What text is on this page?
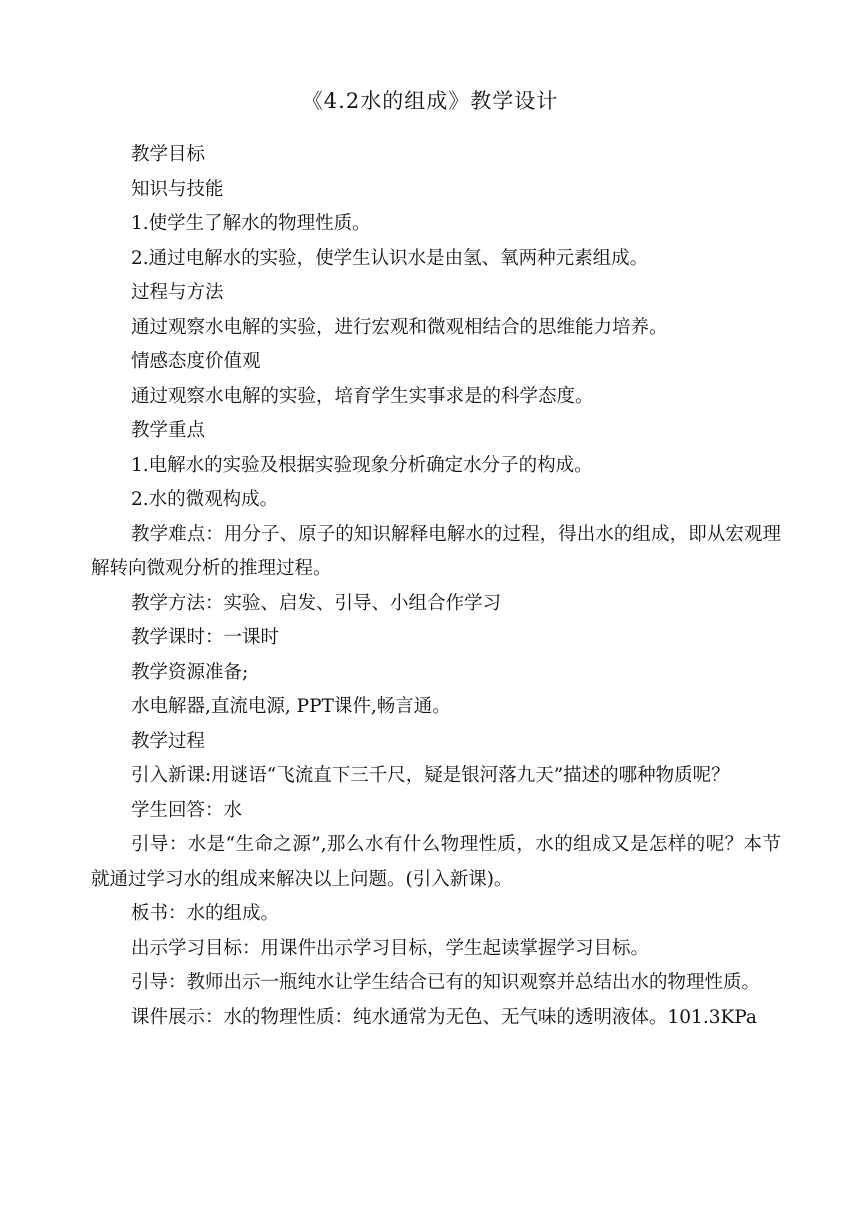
《4.2水的组成》教学设计

教学目标

知识与技能

1.使学生了解水的物理性质。

2.通过电解水的实验，使学生认识水是由氢、氧两种元素组成。

过程与方法

通过观察水电解的实验，进行宏观和微观相结合的思维能力培养。

情感态度价值观

通过观察水电解的实验，培育学生实事求是的科学态度。

教学重点

1.电解水的实验及根据实验现象分析确定水分子的构成。

2.水的微观构成。

教学难点：用分子、原子的知识解释电解水的过程，得出水的组成，即从宏观理解转向微观分析的推理过程。

教学方法：实验、启发、引导、小组合作学习

教学课时：一课时

教学资源准备;

水电解器,直流电源, PPT课件,畅言通。

教学过程

引入新课:用谜语“飞流直下三千尺，疑是银河落九天”描述的哪种物质呢？

学生回答：水

引导：水是“生命之源”,那么水有什么物理性质，水的组成又是怎样的呢？本节就通过学习水的组成来解决以上问题。(引入新课)。

板书：水的组成。

出示学习目标：用课件出示学习目标，学生起读掌握学习目标。

引导：教师出示一瓶纯水让学生结合已有的知识观察并总结出水的物理性质。

课件展示：水的物理性质：纯水通常为无色、无气味的透明液体。101.3KPa
